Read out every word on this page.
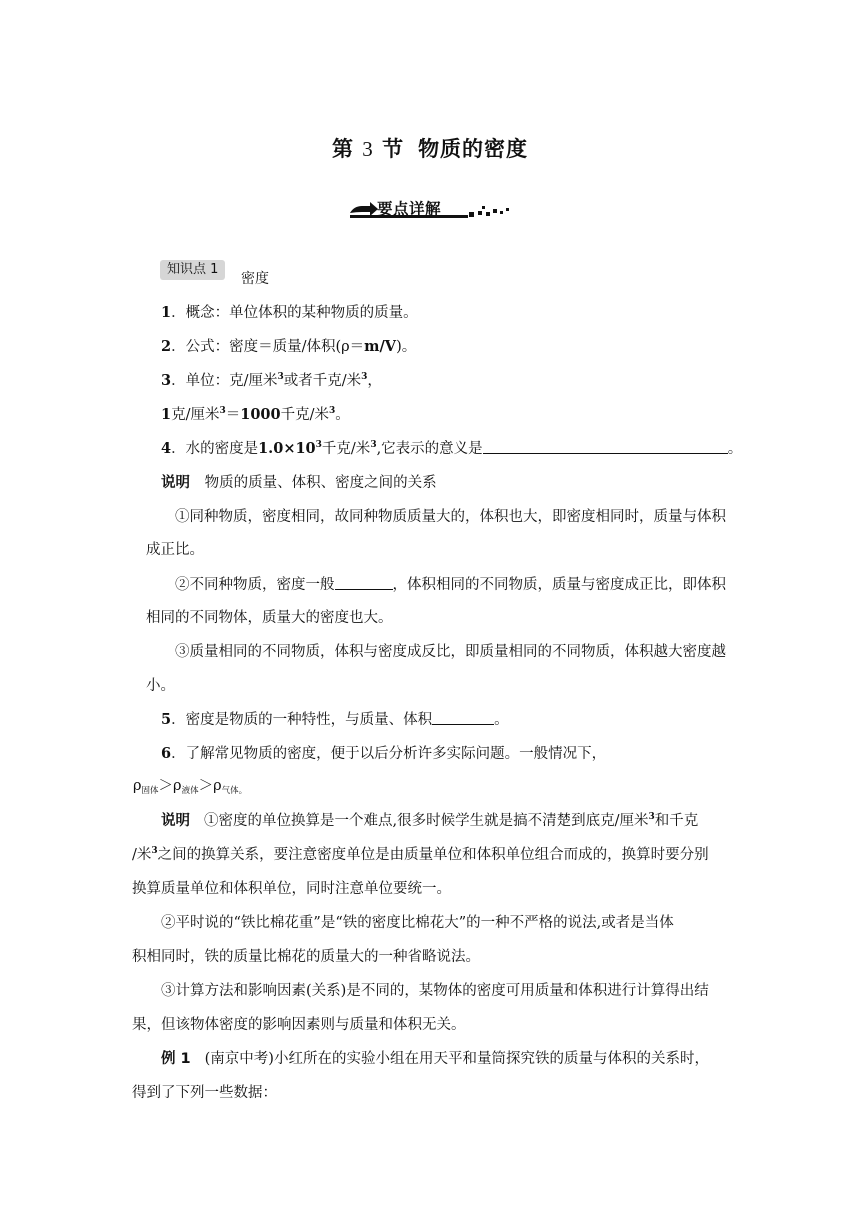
第 3 节 物质的密度
要点详解
知识点 1
密度
1．概念：单位体积的某种物质的质量。
2．公式：密度＝质量/体积(ρ＝m/V)。
3．单位：克/厘米$^3$或者千克/米$^3$，
1克/厘米$^3$＝1000千克/米$^3$。
4．水的密度是$1.0\times 10^3$千克/米$^3$,它表示的意义是	。
说明 物质的质量、体积、密度之间的关系
①同种物质，密度相同，故同种物质质量大的，体积也大，即密度相同时，质量与体积
成正比。
②不同种物质，密度一般	，体积相同的不同物质，质量与密度成正比，即体积
相同的不同物体，质量大的密度也大。
③质量相同的不同物质，体积与密度成反比，即质量相同的不同物质，体积越大密度越
小。
5．密度是物质的一种特性，与质量、体积	。
6．了解常见物质的密度，便于以后分析许多实际问题。一般情况下，
$\rho_{固体}>\rho_{液体}>\rho_{气体。}$
说明 ①密度的单位换算是一个难点,很多时候学生就是搞不清楚到底克/厘米$^3$和千克
/米$^3$之间的换算关系，要注意密度单位是由质量单位和体积单位组合而成的，换算时要分别
换算质量单位和体积单位，同时注意单位要统一。
②平时说的“铁比棉花重”是“铁的密度比棉花大”的一种不严格的说法,或者是当体
积相同时，铁的质量比棉花的质量大的一种省略说法。
③计算方法和影响因素(关系)是不同的，某物体的密度可用质量和体积进行计算得出结
果，但该物体密度的影响因素则与质量和体积无关。
例 1 (南京中考)小红所在的实验小组在用天平和量筒探究铁的质量与体积的关系时，
得到了下列一些数据：
